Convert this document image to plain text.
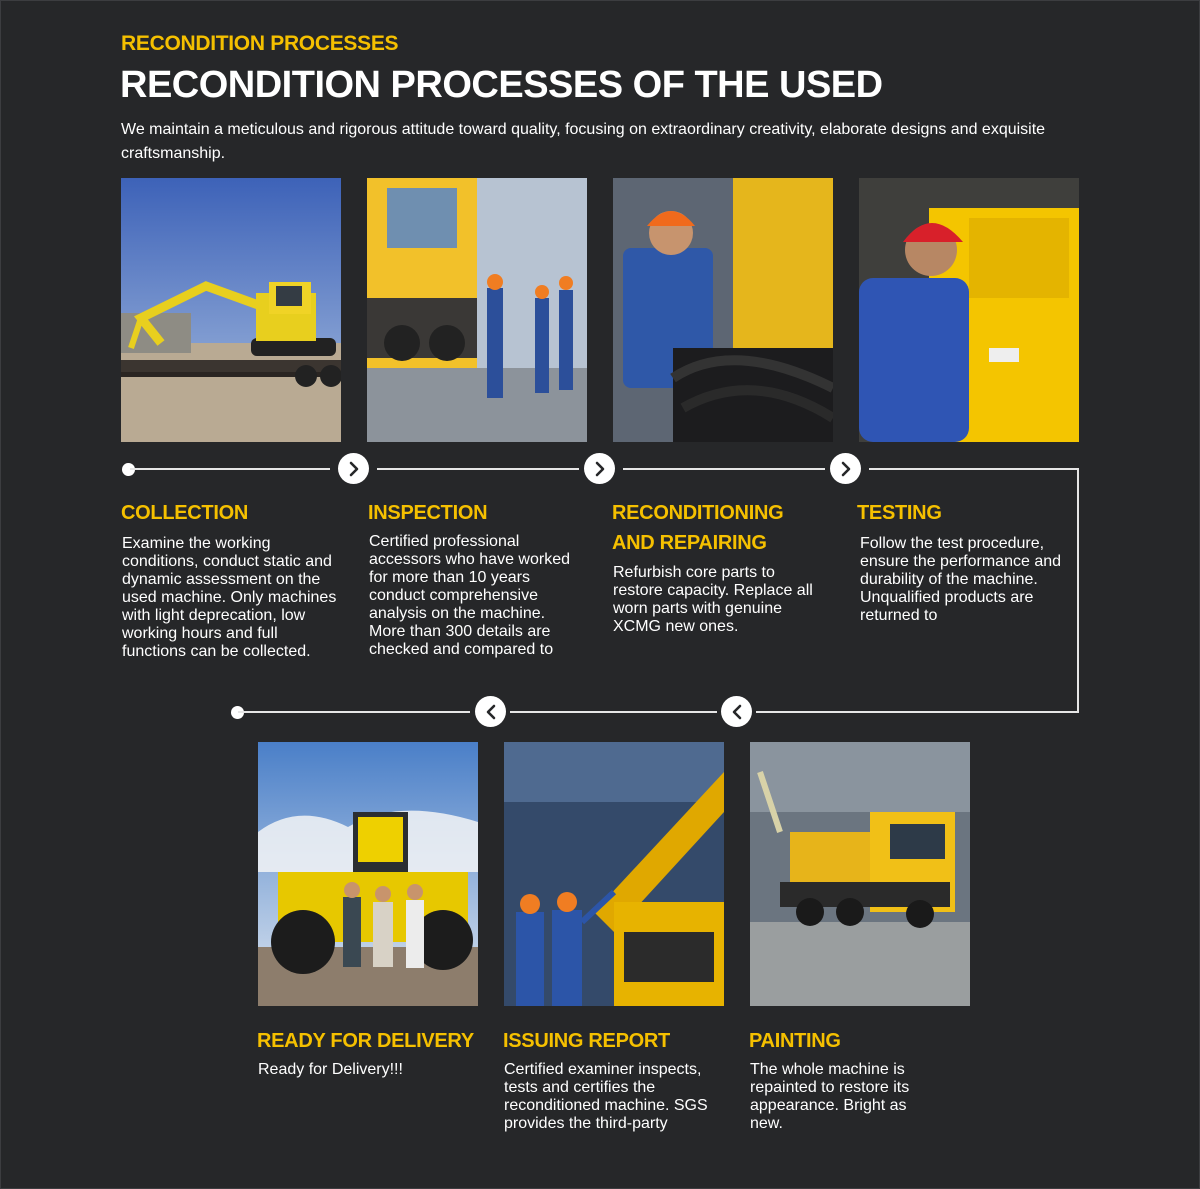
RECONDITION PROCESSES
RECONDITION PROCESSES OF THE USED
We maintain a meticulous and rigorous attitude toward quality, focusing on extraordinary creativity, elaborate designs and exquisite craftsmanship.
COLLECTION
Examine the working conditions, conduct static and dynamic assessment on the used machine. Only machines with light deprecation, low working hours and full functions can be collected.
INSPECTION
Certified professional accessors who have worked for more than 10 years conduct comprehensive analysis on the machine. More than 300 details are checked and compared to
RECONDITIONING AND REPAIRING
Refurbish core parts to restore capacity. Replace all worn parts with genuine XCMG new ones.
TESTING
Follow the test procedure, ensure the performance and durability of the machine. Unqualified products are returned to
READY FOR DELIVERY
Ready for Delivery!!!
ISSUING REPORT
Certified examiner inspects, tests and certifies the reconditioned machine. SGS provides the third-party
PAINTING
The whole machine is repainted to restore its appearance. Bright as new.
